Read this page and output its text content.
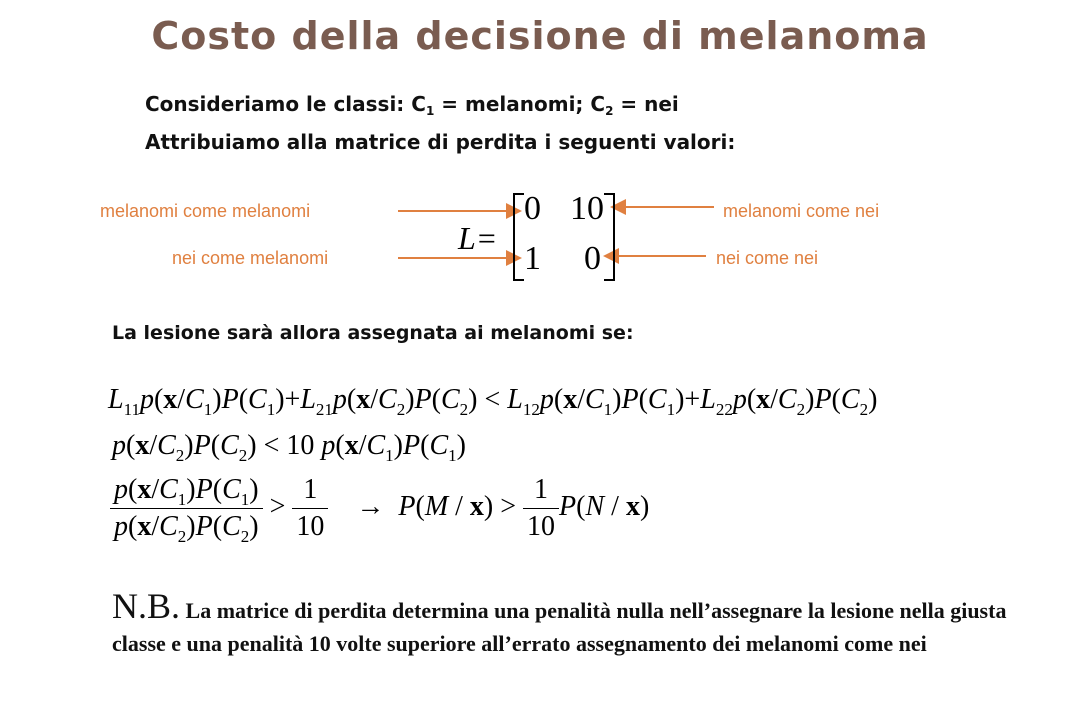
Costo della decisione di melanoma
Consideriamo le classi: $C_1$ = melanomi; $C_2$ = nei
Attribuiamo alla matrice di perdita i seguenti valori:
melanomi come melanomi
nei come melanomi
melanomi come nei
nei come nei
L=
0 10
1 0
La lesione sarà allora assegnata ai melanomi se:
$L_{11}p(x/C_1)P(C_1)+L_{21}p(x/C_2)P(C_2) < L_{12}p(x/C_1)P(C_1)+L_{22}p(x/C_2)P(C_2)$
$p(x/C_2)P(C_2) < 10$ $p(x/C_1)P(C_1)$
$\frac{p(x/C_1)P(C_1)}{p(x/C_2)P(C_2)} > \frac{1}{10} \to P(M / x) > \frac{1}{10} P(N / x)$
N.B. La matrice di perdita determina una penalità nulla nell’assegnare la lesione nella giusta classe e una penalità 10 volte superiore all’errato assegnamento dei melanomi come nei
